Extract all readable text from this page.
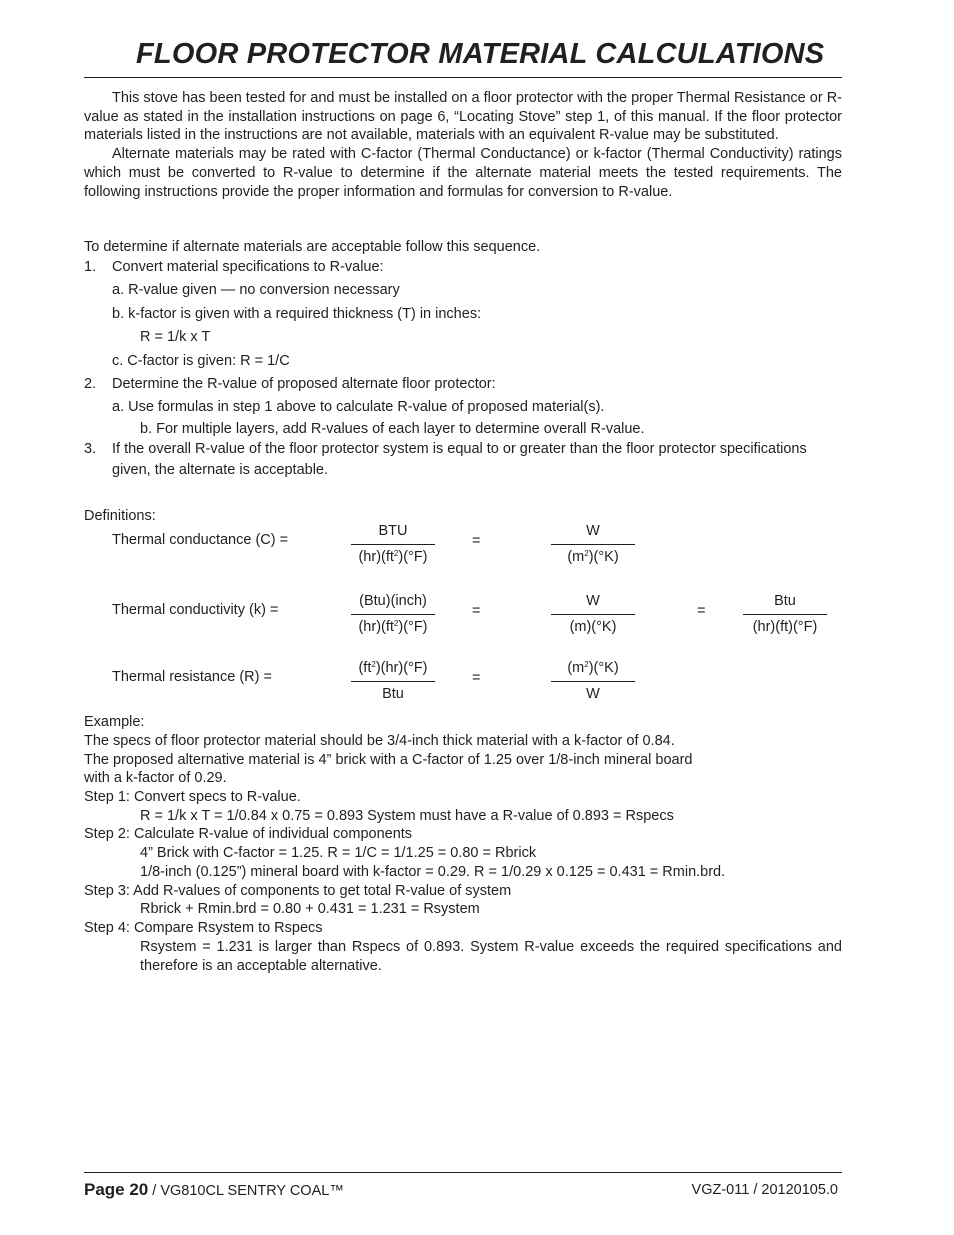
FLOOR PROTECTOR MATERIAL CALCULATIONS

This stove has been tested for and must be installed on a floor protector with the proper Thermal Resistance or R-value as stated in the installation instructions on page 6, “Locating Stove” step 1, of this manual. If the floor protector materials listed in the instructions are not available, materials with an equivalent R-value may be substituted.

Alternate materials may be rated with C-factor (Thermal Conductance) or k-factor (Thermal Conductivity) ratings which must be converted to R-value to determine if the alternate material meets the tested requirements. The following instructions provide the proper information and formulas for conversion to R-value.

To determine if alternate materials are acceptable follow this sequence.
1. Convert material specifications to R-value:
a. R-value given — no conversion necessary
b. k-factor is given with a required thickness (T) in inches:
R = 1/k x T
c. C-factor is given: R = 1/C
2. Determine the R-value of proposed alternate floor protector:
a. Use formulas in step 1 above to calculate R-value of proposed material(s).
b. For multiple layers, add R-values of each layer to determine overall R-value.
3. If the overall R-value of the floor protector system is equal to or greater than the floor protector specifications
given, the alternate is acceptable.
Definitions:
Thermal conductance (C) =
BTU
$(hr)(ft^2)(^\circ F)$
=	$\frac{W}{(m^2)(^\circ K)}$
Thermal conductivity (k) =
(Btu)(inch)
$(hr)(ft^2)(^\circ F)$
=	$\frac{W}{(m)(^\circ K)}$	=
Btu
(hr)(ft)(°F)
Thermal resistance (R) =
$(ft^2)(hr)(^\circ F)$
Btu
=	$\frac{(m^2)(^\circ K)}{W}$
Example:
The specs of floor protector material should be 3/4-inch thick material with a k-factor of 0.84.
The proposed alternative material is 4” brick with a C-factor of 1.25 over 1/8-inch mineral board
with a k-factor of 0.29.
Step 1: Convert specs to R-value.
R = 1/k x T = 1/0.84 x 0.75 = 0.893 System must have a R-value of 0.893 = Rspecs
Step 2: Calculate R-value of individual components
4” Brick with C-factor = 1.25. R = 1/C = 1/1.25 = 0.80 = Rbrick
1/8-inch (0.125”) mineral board with k-factor = 0.29. R = 1/0.29 x 0.125 = 0.431 = Rmin.brd.
Step 3: Add R-values of components to get total R-value of system
Rbrick + Rmin.brd = 0.80 + 0.431 = 1.231 = Rsystem
Step 4: Compare Rsystem to Rspecs
Rsystem = 1.231 is larger than Rspecs of 0.893. System R-value exceeds the required specifications and therefore is an acceptable alternative.
Page 20 / VG810CL SENTRY COAL™	VGZ-011 / 20120105.0
